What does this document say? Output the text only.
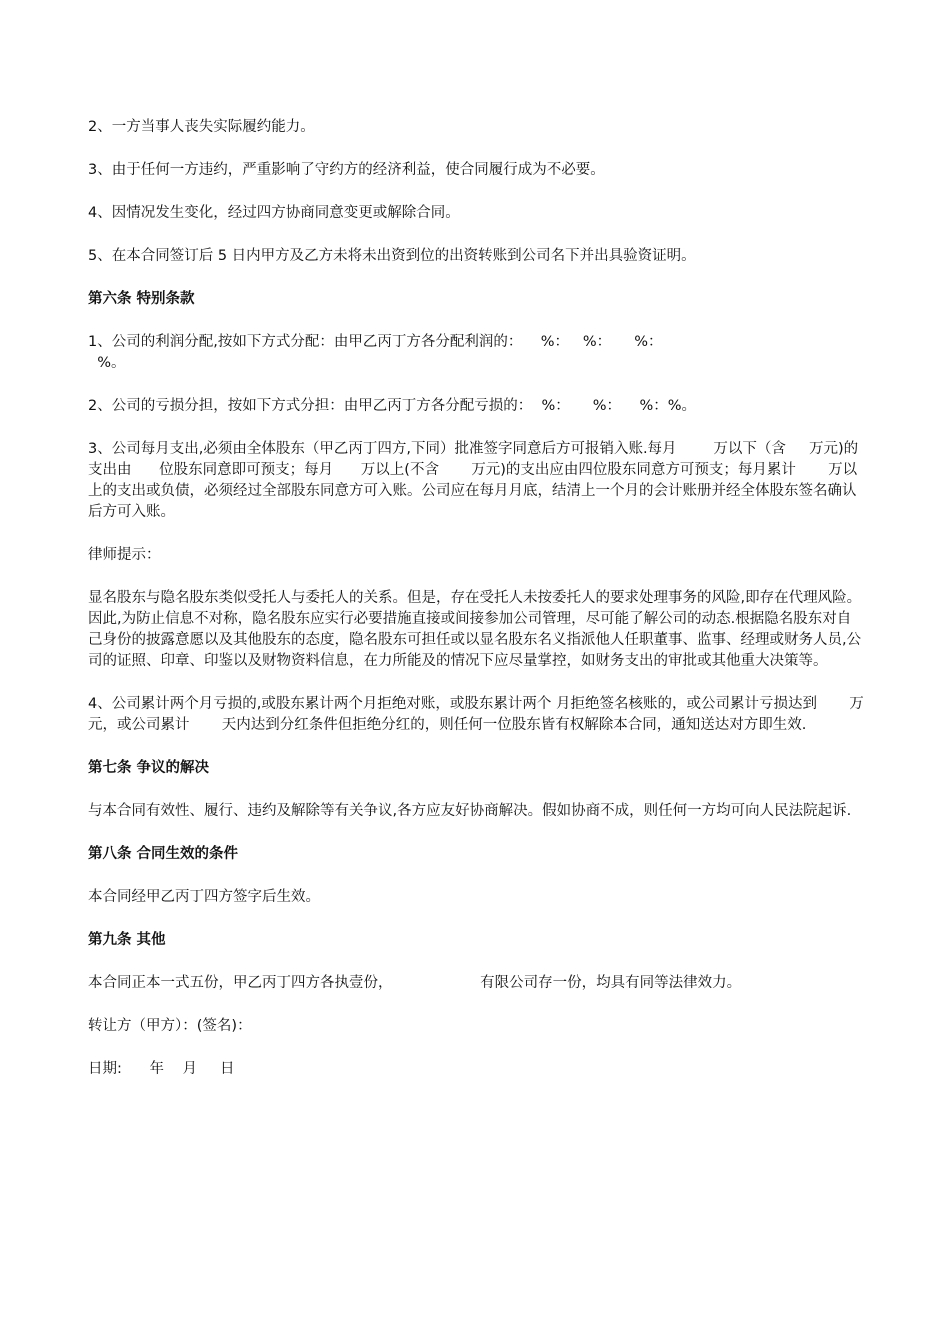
2、一方当事人丧失实际履约能力。

3、由于任何一方违约，严重影响了守约方的经济利益，使合同履行成为不必要。

4、因情况发生变化，经过四方协商同意变更或解除合同。

5、在本合同签订后 5 日内甲方及乙方未将未出资到位的出资转账到公司名下并出具验资证明。

第六条 特别条款

1、公司的利润分配,按如下方式分配：由甲乙丙丁方各分配利润的：    %：   %：     %：
%。

2、公司的亏损分担，按如下方式分担：由甲乙丙丁方各分配亏损的：  %：     %：    %：%。

3、公司每月支出,必须由全体股东（甲乙丙丁四方,下同）批准签字同意后方可报销入账.每月        万以下（含     万元)的支出由      位股东同意即可预支；每月      万以上(不含       万元)的支出应由四位股东同意方可预支；每月累计       万以上的支出或负债，必须经过全部股东同意方可入账。公司应在每月月底，结清上一个月的会计账册并经全体股东签名确认后方可入账。

律师提示：

显名股东与隐名股东类似受托人与委托人的关系。但是，存在受托人未按委托人的要求处理事务的风险,即存在代理风险。因此,为防止信息不对称，隐名股东应实行必要措施直接或间接参加公司管理，尽可能了解公司的动态.根据隐名股东对自己身份的披露意愿以及其他股东的态度，隐名股东可担任或以显名股东名义指派他人任职董事、监事、经理或财务人员,公司的证照、印章、印鉴以及财物资料信息，在力所能及的情况下应尽量掌控，如财务支出的审批或其他重大决策等。

4、公司累计两个月亏损的,或股东累计两个月拒绝对账，或股东累计两个 月拒绝签名核账的，或公司累计亏损达到       万元，或公司累计       天内达到分红条件但拒绝分红的，则任何一位股东皆有权解除本合同，通知送达对方即生效.

第七条 争议的解决

与本合同有效性、履行、违约及解除等有关争议,各方应友好协商解决。假如协商不成，则任何一方均可向人民法院起诉.

第八条 合同生效的条件

本合同经甲乙丙丁四方签字后生效。

第九条 其他

本合同正本一式五份，甲乙丙丁四方各执壹份，                   有限公司存一份，均具有同等法律效力。

转让方（甲方）：(签名)：

日期:      年    月     日
